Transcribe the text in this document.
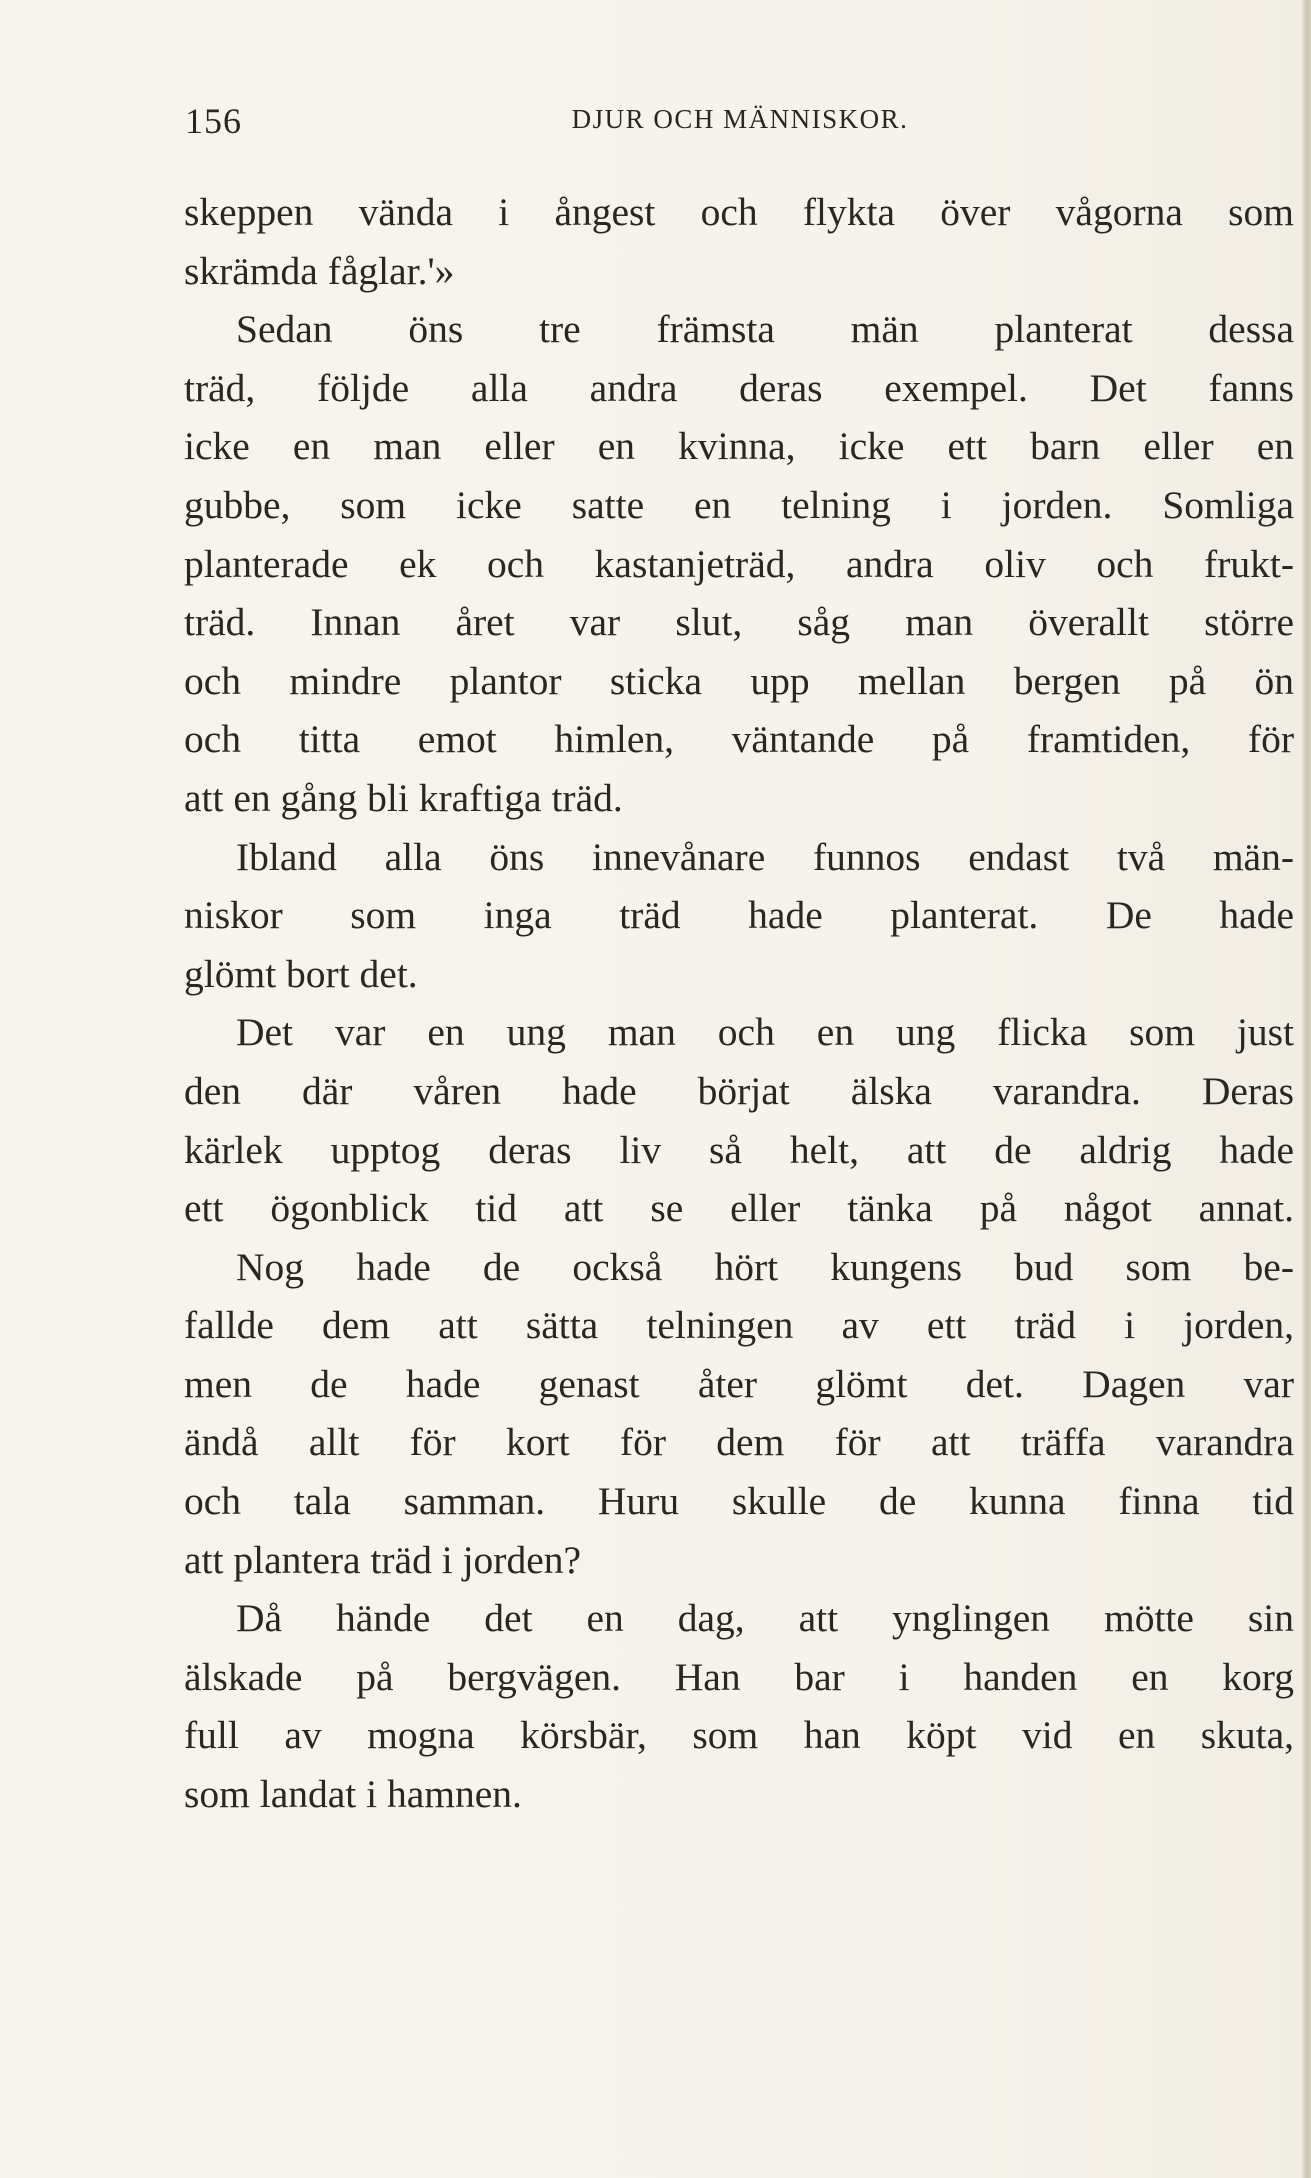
156	DJUR OCH MÄNNISKOR.
skeppen vända i ångest och flykta över vågorna som
skrämda fåglar.'»
Sedan öns tre främsta män planterat dessa
träd, följde alla andra deras exempel. Det fanns
icke en man eller en kvinna, icke ett barn eller en
gubbe, som icke satte en telning i jorden. Somliga
planterade ek och kastanjeträd, andra oliv och frukt-
träd. Innan året var slut, såg man överallt större
och mindre plantor sticka upp mellan bergen på ön
och titta emot himlen, väntande på framtiden, för
att en gång bli kraftiga träd.
Ibland alla öns innevånare funnos endast två män-
niskor som inga träd hade planterat. De hade
glömt bort det.
Det var en ung man och en ung flicka som just
den där våren hade börjat älska varandra. Deras
kärlek upptog deras liv så helt, att de aldrig hade
ett ögonblick tid att se eller tänka på något annat.
Nog hade de också hört kungens bud som be-
fallde dem att sätta telningen av ett träd i jorden,
men de hade genast åter glömt det. Dagen var
ändå allt för kort för dem för att träffa varandra
och tala samman. Huru skulle de kunna finna tid
att plantera träd i jorden?
Då hände det en dag, att ynglingen mötte sin
älskade på bergvägen. Han bar i handen en korg
full av mogna körsbär, som han köpt vid en skuta,
som landat i hamnen.
